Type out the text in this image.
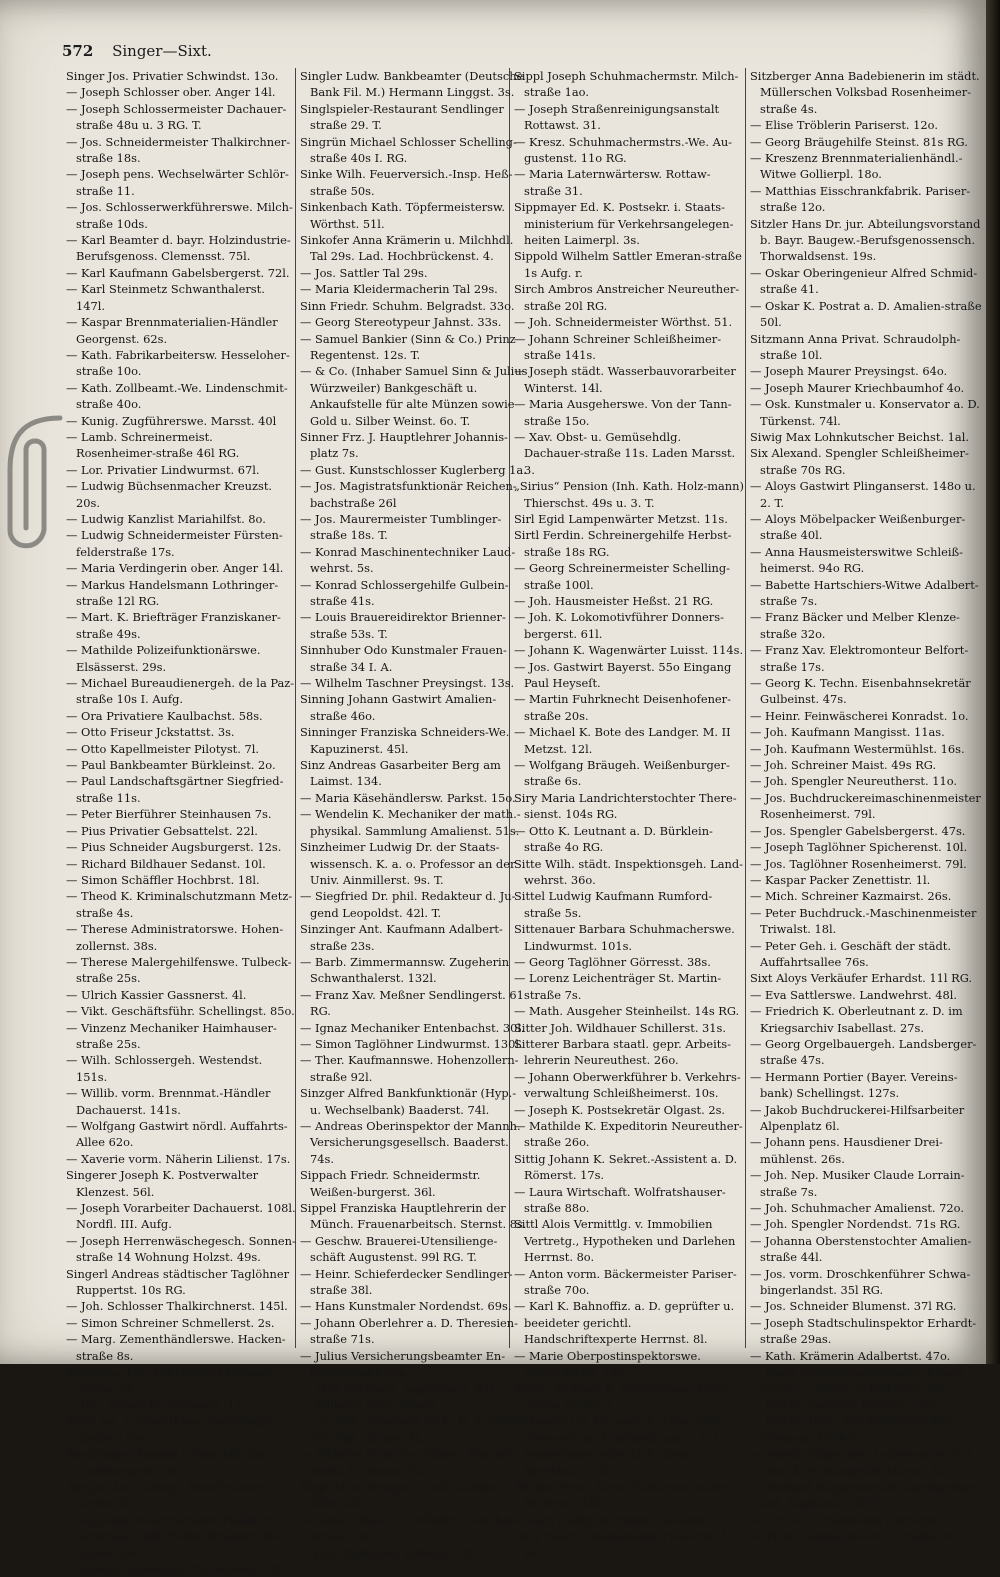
572 Singer—Sixt.

Singer Jos. Privatier Schwindst. 13o.

— Joseph Schlosser ober. Anger 14l.

— Joseph Schlossermeister Dachauer-straße 48u u. 3 RG. T.

— Jos. Schneidermeister Thalkirchner-straße 18s.

— Joseph pens. Wechselwärter Schlör-straße 11.

— Jos. Schlosserwerkführerswe. Milch-straße 10ds.

— Karl Beamter d. bayr. Holzindustrie-Berufsgenoss. Clemensst. 75l.

— Karl Kaufmann Gabelsbergerst. 72l.

— Karl Steinmetz Schwanthalerst. 147l.

— Kaspar Brennmaterialien-Händler Georgenst. 62s.

— Kath. Fabrikarbeitersw. Hesseloher-straße 10o.

— Kath. Zollbeamt.-We. Lindenschmit-straße 40o.

— Kunig. Zugführerswe. Marsst. 40l

— Lamb. Schreinermeist. Rosenheimer-straße 46l RG.

— Lor. Privatier Lindwurmst. 67l.

— Ludwig Büchsenmacher Kreuzst. 20s.

— Ludwig Kanzlist Mariahilfst. 8o.

— Ludwig Schneidermeister Fürsten-felderstraße 17s.

— Maria Verdingerin ober. Anger 14l.

— Markus Handelsmann Lothringer-straße 12l RG.

— Mart. K. Briefträger Franziskaner-straße 49s.

— Mathilde Polizeifunktionärswe. Elsässerst. 29s.

— Michael Bureaudienergeh. de la Paz-straße 10s I. Aufg.

— Ora Privatiere Kaulbachst. 58s.

— Otto Friseur Jckstattst. 3s.

— Otto Kapellmeister Pilotyst. 7l.

— Paul Bankbeamter Bürkleinst. 2o.

— Paul Landschaftsgärtner Siegfried-straße 11s.

— Peter Bierführer Steinhausen 7s.

— Pius Privatier Gebsattelst. 22l.

— Pius Schneider Augsburgerst. 12s.

— Richard Bildhauer Sedanst. 10l.

— Simon Schäffler Hochbrst. 18l.

— Theod K. Kriminalschutzmann Metz-straße 4s.

— Therese Administratorswe. Hohen-zollernst. 38s.

— Therese Malergehilfenswe. Tulbeck-straße 25s.

— Ulrich Kassier Gassnerst. 4l.

— Vikt. Geschäftsführ. Schellingst. 85o.

— Vinzenz Mechaniker Haimhauser-straße 25s.

— Wilh. Schlossergeh. Westendst. 151s.

— Willib. vorm. Brennmat.-Händler Dachauerst. 141s.

— Wolfgang Gastwirt nördl. Auffahrts-Allee 62o.

— Xaverie vorm. Näherin Lilienst. 17s.

Singerer Joseph K. Postverwalter Klenzest. 56l.

— Joseph Vorarbeiter Dachauerst. 108l. Nordfl. III. Aufg.

— Joseph Herrenwäschegesch. Sonnen-straße 14 Wohnung Holzst. 49s.

Singerl Andreas städtischer Taglöhner Ruppertst. 10s RG.

— Joh. Schlosser Thalkirchnerst. 145l.

— Simon Schreiner Schmellerst. 2s.

— Marg. Zementhändlerswe. Hacken-straße 8s.

Singhofer Joh. Kohlenlader Elsässer-straße 19l.

— Joh. Reisender Pariserst. 17l.

Singl Jos. Fuhrwerkbes. Ismaninger-straße 130o.

Singldinger Kaspar Lohnschlächter Tumblingerst. 26s.

Singler Ant. Lithogr. Baierbrunner-straße 8l.

— Augustin Holzdrechsler Thalkirch-nerstraße 198b Wohn. Brudermühl-straße 20s.

— Joseph Tapezierer Theresienst. 71l.

Singler Ludw. Bankbeamter (Deutsche Bank Fil. M.) Hermann Linggst. 3s.

Singlspieler-Restaurant Sendlinger straße 29. T.

Singrün Michael Schlosser Schelling-straße 40s I. RG.

Sinke Wilh. Feuerversich.-Insp. Heß-straße 50s.

Sinkenbach Kath. Töpfermeistersw. Wörthst. 51l.

Sinkofer Anna Krämerin u. Milchhdl. Tal 29s. Lad. Hochbrückenst. 4.

— Jos. Sattler Tal 29s.

— Maria Kleidermacherin Tal 29s.

Sinn Friedr. Schuhm. Belgradst. 33o.

— Georg Stereotypeur Jahnst. 33s.

— Samuel Bankier (Sinn & Co.) Prinz Regentenst. 12s. T.

— & Co. (Inhaber Samuel Sinn & Julius Würzweiler) Bankgeschäft u. Ankaufstelle für alte Münzen sowie Gold u. Silber Weinst. 6o. T.

Sinner Frz. J. Hauptlehrer Johannis-platz 7s.

— Gust. Kunstschlosser Kuglerberg 1a.

— Jos. Magistratsfunktionär Reichen-bachstraße 26l

— Jos. Maurermeister Tumblinger-straße 18s. T.

— Konrad Maschinentechniker Laud-wehrst. 5s.

— Konrad Schlossergehilfe Gulbein-straße 41s.

— Louis Brauereidirektor Brienner-straße 53s. T.

Sinnhuber Odo Kunstmaler Frauen-straße 34 I. A.

— Wilhelm Taschner Preysingst. 13s.

Sinning Johann Gastwirt Amalien-straße 46o.

Sinninger Franziska Schneiders-We. Kapuzinerst. 45l.

Sinz Andreas Gasarbeiter Berg am Laimst. 134.

— Maria Käsehändlersw. Parkst. 15o.

— Wendelin K. Mechaniker der math.-physikal. Sammlung Amalienst. 51s.

Sinzheimer Ludwig Dr. der Staats-wissensch. K. a. o. Professor an der Univ. Ainmillerst. 9s. T.

— Siegfried Dr. phil. Redakteur d. Ju-gend Leopoldst. 42l. T.

Sinzinger Ant. Kaufmann Adalbert-straße 23s.

— Barb. Zimmermannsw. Zugeherin Schwanthalerst. 132l.

— Franz Xav. Meßner Sendlingerst. 61 RG.

— Ignaz Mechaniker Entenbachst. 30l.

— Simon Taglöhner Lindwurmst. 130l.

— Ther. Kaufmannswe. Hohenzollern-straße 92l.

Sinzger Alfred Bankfunktionär (Hyp.- u. Wechselbank) Baaderst. 74l.

— Andreas Oberinspektor der Mannh. Versicherungsgesellsch. Baaderst. 74s.

Sippach Friedr. Schneidermstr. Weißen-burgerst. 36l.

Sippel Franziska Hauptlehrerin der Münch. Frauenarbeitsch. Sternst. 8s.

— Geschw. Brauerei-Utensilienge-schäft Augustenst. 99l RG. T.

— Heinr. Schieferdecker Sendlinger-straße 38l.

— Hans Kunstmaler Nordendst. 69s.

— Johann Oberlehrer a. D. Theresien-straße 71s.

— Julius Versicherungsbeamter En-huberstraße 3bs.

— Max Buchhalt. Augustenst. 92l.

— Wilhelm siehe Meyer.

— Dr. Wilh. Oberarzt im K. B. 3. Feld-Art.-Rgt. Olgast. 4s.

— Wilhelm Prokurist (Bayer. Handels-Bank) Mitterest. 8s.

Sippl Alois Metzger nördl. Auffahrts-Allee 63l.

— Anton Häute- u. Fellhdlr. Fleischer-straße 14s.

— Joh. Taglöhner Kidlerst. 28l.

Sippl Joseph Schuhmachermstr. Milch-straße 1ao.

— Joseph Straßenreinigungsanstalt Rottawst. 31.

— Kresz. Schuhmachermstrs.-We. Au-gustenst. 11o RG.

— Maria Laternwärtersw. Rottaw-straße 31.

Sippmayer Ed. K. Postsekr. i. Staats-ministerium für Verkehrsangelegen-heiten Laimerpl. 3s.

Sippold Wilhelm Sattler Emeran-straße 1s Aufg. r.

Sirch Ambros Anstreicher Neureuther-straße 20l RG.

— Joh. Schneidermeister Wörthst. 51.

— Johann Schreiner Schleißheimer-straße 141s.

— Joseph städt. Wasserbauvorarbeiter Winterst. 14l.

— Maria Ausgeherswe. Von der Tann-straße 15o.

— Xav. Obst- u. Gemüsehdlg. Dachauer-straße 11s. Laden Marsst. 3.

„Sirius“ Pension (Inh. Kath. Holz-mann) Thierschst. 49s u. 3. T.

Sirl Egid Lampenwärter Metzst. 11s.

Sirtl Ferdin. Schreinergehilfe Herbst-straße 18s RG.

— Georg Schreinermeister Schelling-straße 100l.

— Joh. Hausmeister Heßst. 21 RG.

— Joh. K. Lokomotivführer Donners-bergerst. 61l.

— Johann K. Wagenwärter Luisst. 114s.

— Jos. Gastwirt Bayerst. 55o Eingang Paul Heyseſt.

— Martin Fuhrknecht Deisenhofener-straße 20s.

— Michael K. Bote des Landger. M. II Metzst. 12l.

— Wolfgang Bräugeh. Weißenburger-straße 6s.

Siry Maria Landrichterstochter There-sienst. 104s RG.

— Otto K. Leutnant a. D. Bürklein-straße 4o RG.

Sitte Wilh. städt. Inspektionsgeh. Land-wehrst. 36o.

Sittel Ludwig Kaufmann Rumford-straße 5s.

Sittenauer Barbara Schuhmacherswe. Lindwurmst. 101s.

— Georg Taglöhner Görresst. 38s.

— Lorenz Leichenträger St. Martin-straße 7s.

— Math. Ausgeher Steinheilst. 14s RG.

Sitter Joh. Wildhauer Schillerst. 31s.

Sitterer Barbara staatl. gepr. Arbeits-lehrerin Neureuthest. 26o.

— Johann Oberwerkführer b. Verkehrs-verwaltung Schleißheimerst. 10s.

— Joseph K. Postsekretär Olgast. 2s.

— Mathilde K. Expeditorin Neureuther-straße 26o.

Sittig Johann K. Sekret.-Assistent a. D. Römerst. 17s.

— Laura Wirtschaft. Wolfratshauser-straße 88o.

Sittl Alois Vermittlg. v. Immobilien Vertretg., Hypotheken und Darlehen Herrnst. 8o.

— Anton vorm. Bäckermeister Pariser-straße 70o.

— Karl K. Bahnoffiz. a. D. geprüfter u. beeideter gerichtl. Handschriftexperte Herrnst. 8l.

— Marie Oberpostinspektorswe. Schön-feldst. 19s.

Sittler Andreas K. Schutzmann Mars-straße 62 RG. I.

Sittmann Gg. Dr. med. K. Univ.-Prof. Oberarzt am Krankenhause r. d. J. Maximilianstraße 12 Entresol. T. Sprechst. 3—4.

Sittner Franz Xaver Elektrotechniker Belfortst. 10l.

— Karl Elektrotechniker Sedanst. 25o.

Sitty Peter Bureaudiener Frauenst. 12o RG.

Sitzberger Anna Badebienerin im städt. Müllerschen Volksbad Rosenheimer-straße 4s.

— Elise Tröblerin Pariserst. 12o.

— Georg Bräugehilfe Steinst. 81s RG.

— Kreszenz Brennmaterialienhändl.-Witwe Gollierpl. 18o.

— Matthias Eisschrankfabrik. Pariser-straße 12o.

Sitzler Hans Dr. jur. Abteilungsvorstand b. Bayr. Baugew.-Berufsgenossensch. Thorwaldsenst. 19s.

— Oskar Oberingenieur Alfred Schmid-straße 41.

— Oskar K. Postrat a. D. Amalien-straße 50l.

Sitzmann Anna Privat. Schraudolph-straße 10l.

— Joseph Maurer Preysingst. 64o.

— Joseph Maurer Kriechbaumhof 4o.

— Osk. Kunstmaler u. Konservator a. D. Türkenst. 74l.

Siwig Max Lohnkutscher Beichst. 1al.

Six Alexand. Spengler Schleißheimer-straße 70s RG.

— Aloys Gastwirt Plinganserst. 148o u. 2. T.

— Aloys Möbelpacker Weißenburger-straße 40l.

— Anna Hausmeisterswitwe Schleiß-heimerst. 94o RG.

— Babette Hartschiers-Witwe Adalbert-straße 7s.

— Franz Bäcker und Melber Klenze-straße 32o.

— Franz Xav. Elektromonteur Belfort-straße 17s.

— Georg K. Techn. Eisenbahnsekretär Gulbeinst. 47s.

— Heinr. Feinwäscherei Konradst. 1o.

— Joh. Kaufmann Mangisst. 11as.

— Joh. Kaufmann Westermühlst. 16s.

— Joh. Schreiner Maist. 49s RG.

— Joh. Spengler Neureutherst. 11o.

— Jos. Buchdruckereimaschinenmeister Rosenheimerst. 79l.

— Jos. Spengler Gabelsbergerst. 47s.

— Joseph Taglöhner Spicherenst. 10l.

— Jos. Taglöhner Rosenheimerst. 79l.

— Kaspar Packer Zenettistr. 1l.

— Mich. Schreiner Kazmairst. 26s.

— Peter Buchdruck.-Maschinenmeister Triwalst. 18l.

— Peter Geh. i. Geschäft der städt. Auffahrtsallee 76s.

Sixt Aloys Verkäufer Erhardst. 11l RG.

— Eva Sattlerswe. Landwehrst. 48l.

— Friedrich K. Oberleutnant z. D. im Kriegsarchiv Isabellast. 27s.

— Georg Orgelbauergeh. Landsberger-straße 47s.

— Hermann Portier (Bayer. Vereins-bank) Schellingst. 127s.

— Jakob Buchdruckerei-Hilfsarbeiter Alpenplatz 6l.

— Johann pens. Hausdiener Drei-mühlenst. 26s.

— Joh. Nep. Musiker Claude Lorrain-straße 7s.

— Joh. Schuhmacher Amalienst. 72o.

— Joh. Spengler Nordendst. 71s RG.

— Johanna Oberstenstochter Amalien-straße 44l.

— Jos. vorm. Droschkenführer Schwa-bingerlandst. 35l RG.

— Jos. Schneider Blumenst. 37l RG.

— Joseph Stadtschulinspektor Erhardt-straße 29as.

— Kath. Krämerin Adalbertst. 47o.

— Klara Schreibwarenhandlg. Elisen-straße 7. Wohn. Schellingst. 60s.

— Martin Gastwirt Kellerst. 28o.

— Martin Holz- und Kohlenhändler Klenzest. 45l RG.

— Martin Magaziner Lothringerst. 52l.

— Max K. Postsekretär Marsst. 6al.

— Michael Bürgermeister Landsgebge-ord. Sophienst. 5l RG.

— Otto K. Schutzmann Herzogst. 75s.

— Thom. Sanitätsfeldw. Arnulfst. 81s.
